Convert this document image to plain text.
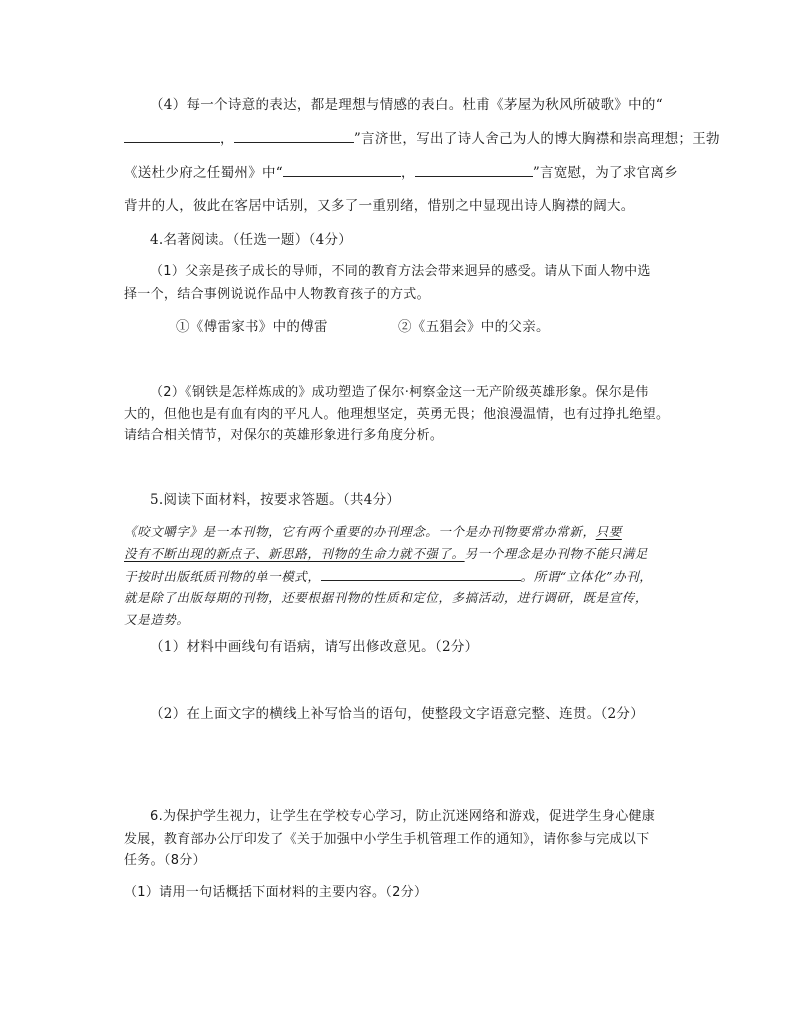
（4）每一个诗意的表达，都是理想与情感的表白。杜甫《茅屋为秋风所破歌》中的“
，	”言济世，写出了诗人舍己为人的博大胸襟和崇高理想；王勃
《送杜少府之任蜀州》中“	，	”言宽慰，为了求官离乡
背井的人，彼此在客居中话别，又多了一重别绪，惜别之中显现出诗人胸襟的阔大。
4.名著阅读。（任选一题）（4分）
（1）父亲是孩子成长的导师，不同的教育方法会带来迥异的感受。请从下面人物中选
择一个，结合事例说说作品中人物教育孩子的方式。
①《傅雷家书》中的傅雷	②《五猖会》中的父亲。
（2）《钢铁是怎样炼成的》成功塑造了保尔·柯察金这一无产阶级英雄形象。保尔是伟
大的，但他也是有血有肉的平凡人。他理想坚定，英勇无畏；他浪漫温情，也有过挣扎绝望。
请结合相关情节，对保尔的英雄形象进行多角度分析。
5.阅读下面材料，按要求答题。（共4分）
《咬文嚼字》是一本刊物，它有两个重要的办刊理念。一个是办刊物要常办常新，只要
没有不断出现的新点子、新思路，刊物的生命力就不强了。另一个理念是办刊物不能只满足
于按时出版纸质刊物的单一模式，	。所谓“立体化”办刊，
就是除了出版每期的刊物，还要根据刊物的性质和定位，多搞活动，进行调研，既是宣传，
又是造势。
（1）材料中画线句有语病，请写出修改意见。（2分）
（2）在上面文字的横线上补写恰当的语句，使整段文字语意完整、连贯。（2分）
6.为保护学生视力，让学生在学校专心学习，防止沉迷网络和游戏，促进学生身心健康
发展，教育部办公厅印发了《关于加强中小学生手机管理工作的通知》，请你参与完成以下
任务。（8分）
（1）请用一句话概括下面材料的主要内容。（2分）
